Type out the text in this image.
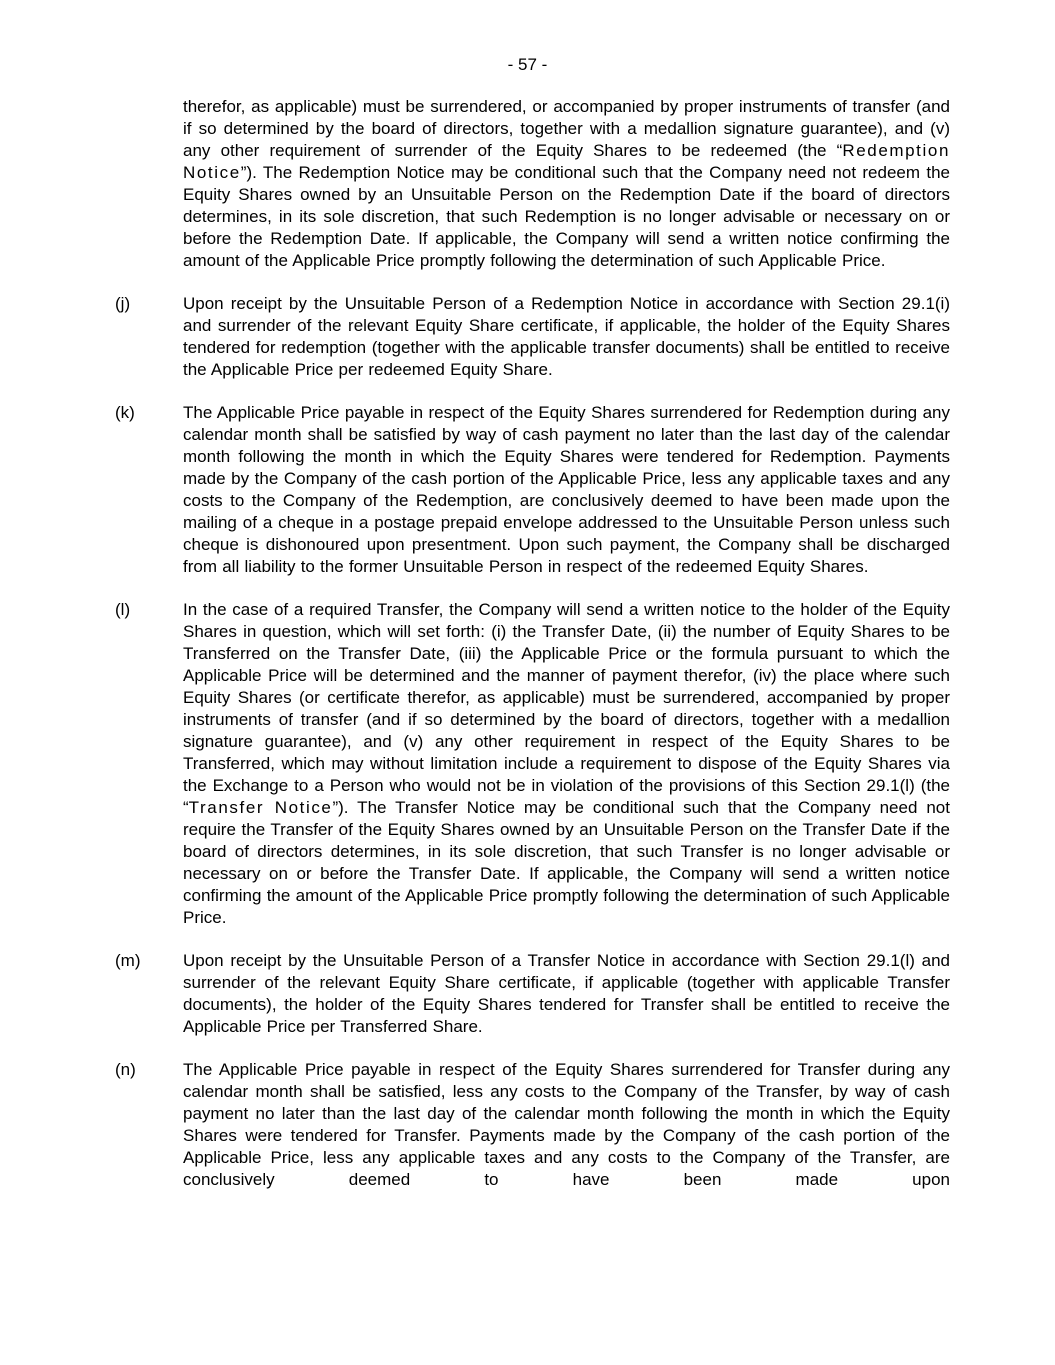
- 57 -
therefor, as applicable) must be surrendered, or accompanied by proper instruments of transfer (and if so determined by the board of directors, together with a medallion signature guarantee), and (v) any other requirement of surrender of the Equity Shares to be redeemed (the “Redemption Notice”). The Redemption Notice may be conditional such that the Company need not redeem the Equity Shares owned by an Unsuitable Person on the Redemption Date if the board of directors determines, in its sole discretion, that such Redemption is no longer advisable or necessary on or before the Redemption Date. If applicable, the Company will send a written notice confirming the amount of the Applicable Price promptly following the determination of such Applicable Price.
(j)	Upon receipt by the Unsuitable Person of a Redemption Notice in accordance with Section 29.1(i) and surrender of the relevant Equity Share certificate, if applicable, the holder of the Equity Shares tendered for redemption (together with the applicable transfer documents) shall be entitled to receive the Applicable Price per redeemed Equity Share.
(k)	The Applicable Price payable in respect of the Equity Shares surrendered for Redemption during any calendar month shall be satisfied by way of cash payment no later than the last day of the calendar month following the month in which the Equity Shares were tendered for Redemption. Payments made by the Company of the cash portion of the Applicable Price, less any applicable taxes and any costs to the Company of the Redemption, are conclusively deemed to have been made upon the mailing of a cheque in a postage prepaid envelope addressed to the Unsuitable Person unless such cheque is dishonoured upon presentment. Upon such payment, the Company shall be discharged from all liability to the former Unsuitable Person in respect of the redeemed Equity Shares.
(l)	In the case of a required Transfer, the Company will send a written notice to the holder of the Equity Shares in question, which will set forth: (i) the Transfer Date, (ii) the number of Equity Shares to be Transferred on the Transfer Date, (iii) the Applicable Price or the formula pursuant to which the Applicable Price will be determined and the manner of payment therefor, (iv) the place where such Equity Shares (or certificate therefor, as applicable) must be surrendered, accompanied by proper instruments of transfer (and if so determined by the board of directors, together with a medallion signature guarantee), and (v) any other requirement in respect of the Equity Shares to be Transferred, which may without limitation include a requirement to dispose of the Equity Shares via the Exchange to a Person who would not be in violation of the provisions of this Section 29.1(l) (the “Transfer Notice”). The Transfer Notice may be conditional such that the Company need not require the Transfer of the Equity Shares owned by an Unsuitable Person on the Transfer Date if the board of directors determines, in its sole discretion, that such Transfer is no longer advisable or necessary on or before the Transfer Date. If applicable, the Company will send a written notice confirming the amount of the Applicable Price promptly following the determination of such Applicable Price.
(m)	Upon receipt by the Unsuitable Person of a Transfer Notice in accordance with Section 29.1(l) and surrender of the relevant Equity Share certificate, if applicable (together with applicable Transfer documents), the holder of the Equity Shares tendered for Transfer shall be entitled to receive the Applicable Price per Transferred Share.
(n)	The Applicable Price payable in respect of the Equity Shares surrendered for Transfer during any calendar month shall be satisfied, less any costs to the Company of the Transfer, by way of cash payment no later than the last day of the calendar month following the month in which the Equity Shares were tendered for Transfer. Payments made by the Company of the cash portion of the Applicable Price, less any applicable taxes and any costs to the Company of the Transfer, are conclusively deemed to have been made upon
